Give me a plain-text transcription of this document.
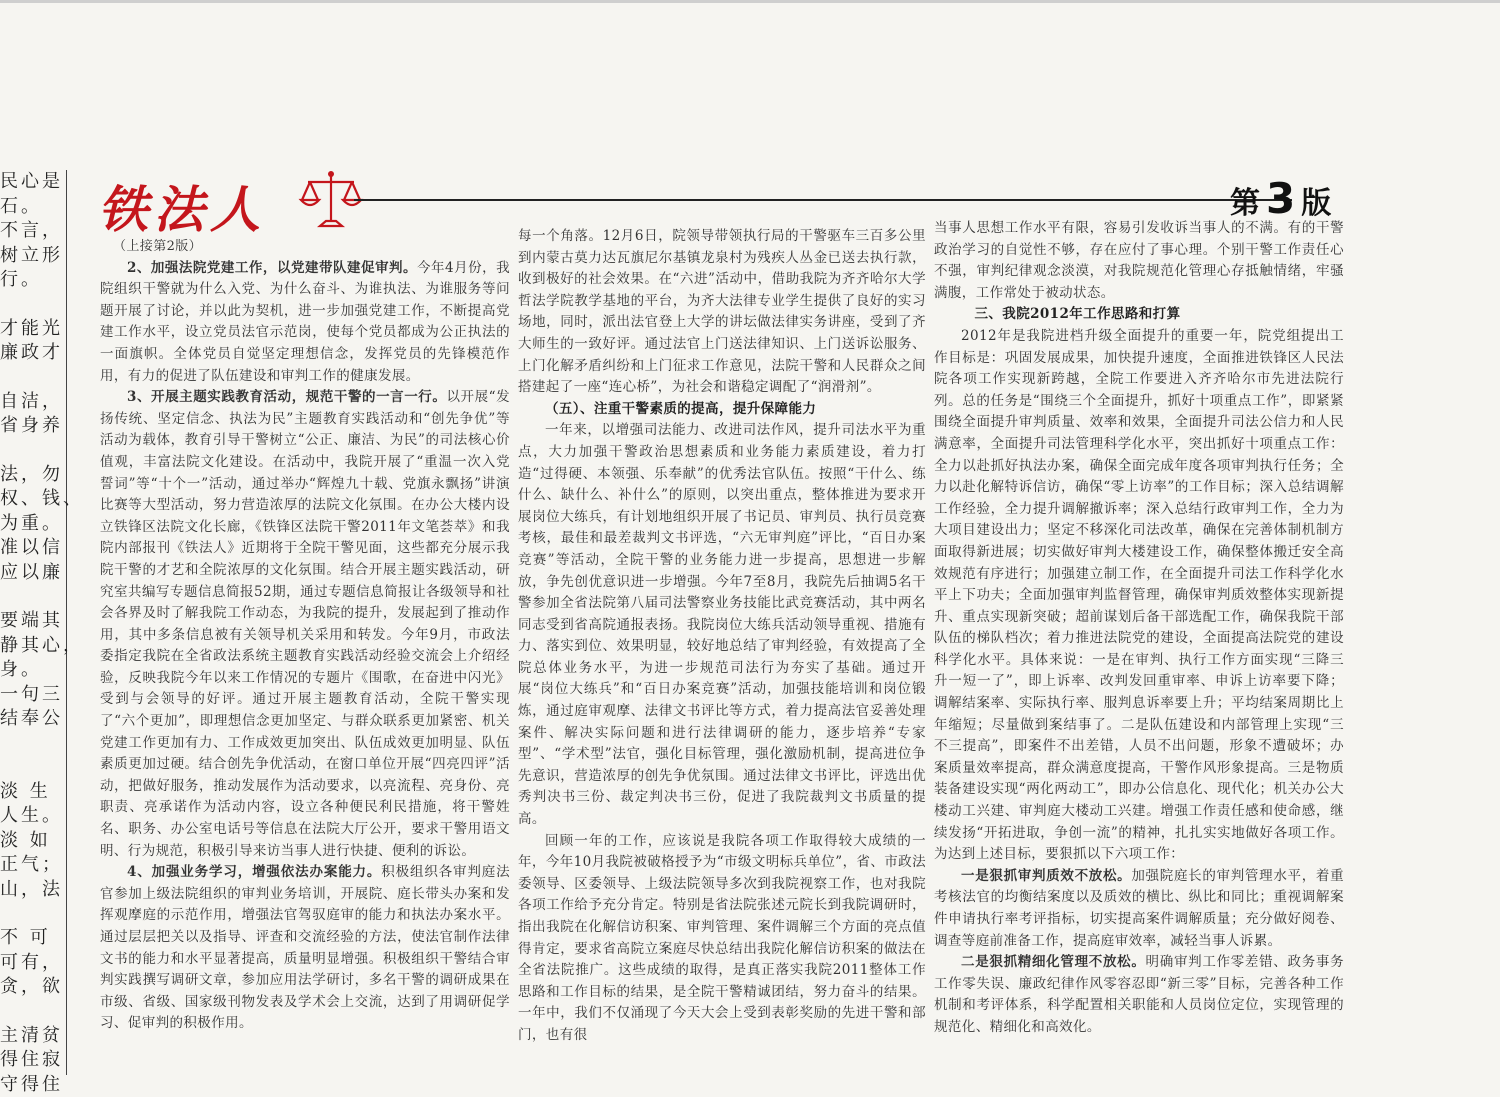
民心是

石。

不言，

树立形

行。

才能光

廉政才

自洁，

省身养

法，勿

权、钱、

为重。

准以信

应以廉

要端其

静其心，

身。

一句三

结奉公

淡 生

人生。

淡 如

正气；

山，法

不 可

可有，

贪，欲

主清贫

得住寂

守得住

铁法人	第 3 版

（上接第2版）

2、加强法院党建工作，以党建带队建促审判。今年4月份，我院组织干警就为什么入党、为什么奋斗、为谁执法、为谁服务等问题开展了讨论，并以此为契机，进一步加强党建工作，不断提高党建工作水平，设立党员法官示范岗，使每个党员都成为公正执法的一面旗帜。全体党员自觉坚定理想信念，发挥党员的先锋模范作用，有力的促进了队伍建设和审判工作的健康发展。

3、开展主题实践教育活动，规范干警的一言一行。以开展“发扬传统、坚定信念、执法为民”主题教育实践活动和“创先争优”等活动为载体，教育引导干警树立“公正、廉洁、为民”的司法核心价值观，丰富法院文化建设。在活动中，我院开展了“重温一次入党誓词”等“十个一”活动，通过举办“辉煌九十载、党旗永飘扬”讲演比赛等大型活动，努力营造浓厚的法院文化氛围。在办公大楼内设立铁锋区法院文化长廊，《铁锋区法院干警2011年文笔荟萃》和我院内部报刊《铁法人》近期将于全院干警见面，这些都充分展示我院干警的才艺和全院浓厚的文化氛围。结合开展主题实践活动，研究室共编写专题信息简报52期，通过专题信息简报让各级领导和社会各界及时了解我院工作动态，为我院的提升，发展起到了推动作用，其中多条信息被有关领导机关采用和转发。今年9月，市政法委指定我院在全省政法系统主题教育实践活动经验交流会上介绍经验，反映我院今年以来工作情况的专题片《围歌，在奋进中闪光》受到与会领导的好评。通过开展主题教育活动，全院干警实现了“六个更加”，即理想信念更加坚定、与群众联系更加紧密、机关党建工作更加有力、工作成效更加突出、队伍成效更加明显、队伍素质更加过硬。结合创先争优活动，在窗口单位开展“四亮四评”活动，把做好服务，推动发展作为活动要求，以亮流程、亮身份、亮职责、亮承诺作为活动内容，设立各种便民利民措施，将干警姓名、职务、办公室电话号等信息在法院大厅公开，要求干警用语文明、行为规范，积极引导来访当事人进行快捷、便利的诉讼。

4、加强业务学习，增强依法办案能力。积极组织各审判庭法官参加上级法院组织的审判业务培训，开展院、庭长带头办案和发挥观摩庭的示范作用，增强法官驾驭庭审的能力和执法办案水平。通过层层把关以及指导、评查和交流经验的方法，使法官制作法律文书的能力和水平显著提高，质量明显增强。积极组织干警结合审判实践撰写调研文章，参加应用法学研讨，多名干警的调研成果在市级、省级、国家级刊物发表及学术会上交流，达到了用调研促学习、促审判的积极作用。

每一个角落。12月6日，院领导带领执行局的干警驱车三百多公里到内蒙古莫力达瓦旗尼尔基镇龙泉村为残疾人丛金已送去执行款，收到极好的社会效果。在“六进”活动中，借助我院为齐齐哈尔大学哲法学院教学基地的平台，为齐大法律专业学生提供了良好的实习场地，同时，派出法官登上大学的讲坛做法律实务讲座，受到了齐大师生的一致好评。通过法官上门送法律知识、上门送诉讼服务、上门化解矛盾纠纷和上门征求工作意见，法院干警和人民群众之间搭建起了一座“连心桥”，为社会和谐稳定调配了“润滑剂”。

（五）、注重干警素质的提高，提升保障能力

一年来，以增强司法能力、改进司法作风，提升司法水平为重点，大力加强干警政治思想素质和业务能力素质建设，着力打造“过得硬、本领强、乐奉献”的优秀法官队伍。按照“干什么、练什么、缺什么、补什么”的原则，以突出重点，整体推进为要求开展岗位大练兵，有计划地组织开展了书记员、审判员、执行员竞赛考核，最佳和最差裁判文书评选，“六无审判庭”评比，“百日办案竞赛”等活动，全院干警的业务能力进一步提高，思想进一步解放，争先创优意识进一步增强。今年7至8月，我院先后抽调5名干警参加全省法院第八届司法警察业务技能比武竞赛活动，其中两名同志受到省高院通报表扬。我院岗位大练兵活动领导重视、措施有力、落实到位、效果明显，较好地总结了审判经验，有效提高了全院总体业务水平，为进一步规范司法行为夯实了基础。通过开展“岗位大练兵”和“百日办案竞赛”活动，加强技能培训和岗位锻炼，通过庭审观摩、法律文书评比等方式，着力提高法官妥善处理案件、解决实际问题和进行法律调研的能力，逐步培养“专家型”、“学术型”法官，强化目标管理，强化激励机制，提高进位争先意识，营造浓厚的创先争优氛围。通过法律文书评比，评选出优秀判决书三份、裁定判决书三份，促进了我院裁判文书质量的提高。

回顾一年的工作，应该说是我院各项工作取得较大成绩的一年，今年10月我院被破格授予为“市级文明标兵单位”，省、市政法委领导、区委领导、上级法院领导多次到我院视察工作，也对我院各项工作给予充分肯定。特别是省法院张述元院长到我院调研时，指出我院在化解信访积案、审判管理、案件调解三个方面的亮点值得肯定，要求省高院立案庭尽快总结出我院化解信访积案的做法在全省法院推广。这些成绩的取得，是真正落实我院2011整体工作思路和工作目标的结果，是全院干警精诚团结，努力奋斗的结果。一年中，我们不仅涌现了今天大会上受到表彰奖励的先进干警和部门，也有很

当事人思想工作水平有限，容易引发收诉当事人的不满。有的干警政治学习的自觉性不够，存在应付了事心理。个别干警工作责任心不强，审判纪律观念淡漠，对我院规范化管理心存抵触情绪，牢骚满腹，工作常处于被动状态。

三、我院2012年工作思路和打算

2012年是我院进档升级全面提升的重要一年，院党组提出工作目标是：巩固发展成果，加快提升速度，全面推进铁锋区人民法院各项工作实现新跨越，全院工作要进入齐齐哈尔市先进法院行列。总的任务是“围绕三个全面提升，抓好十项重点工作”，即紧紧围绕全面提升审判质量、效率和效果，全面提升司法公信力和人民满意率，全面提升司法管理科学化水平，突出抓好十项重点工作：全力以赴抓好执法办案，确保全面完成年度各项审判执行任务；全力以赴化解特诉信访，确保“零上访率”的工作目标；深入总结调解工作经验，全力提升调解撤诉率；深入总结行政审判工作，全力为大项目建设出力；坚定不移深化司法改革，确保在完善体制机制方面取得新进展；切实做好审判大楼建设工作，确保整体搬迁安全高效规范有序进行；加强建立制工作，在全面提升司法工作科学化水平上下功夫；全面加强审判监督管理，确保审判质效整体实现新提升、重点实现新突破；超前谋划后备干部选配工作，确保我院干部队伍的梯队档次；着力推进法院党的建设，全面提高法院党的建设科学化水平。具体来说：一是在审判、执行工作方面实现“三降三升一短一了”，即上诉率、改判发回重审率、申诉上访率要下降；调解结案率、实际执行率、服判息诉率要上升；平均结案周期比上年缩短；尽量做到案结事了。二是队伍建设和内部管理上实现“三不三提高”，即案件不出差错，人员不出问题，形象不遭破坏；办案质量效率提高，群众满意度提高，干警作风形象提高。三是物质装备建设实现“两化两动工”，即办公信息化、现代化；机关办公大楼动工兴建、审判庭大楼动工兴建。增强工作责任感和使命感，继续发扬“开拓进取，争创一流”的精神，扎扎实实地做好各项工作。为达到上述目标，要狠抓以下六项工作：

一是狠抓审判质效不放松。加强院庭长的审判管理水平，着重考核法官的均衡结案度以及质效的横比、纵比和同比；重视调解案件申请执行率考评指标，切实提高案件调解质量；充分做好阅卷、调查等庭前准备工作，提高庭审效率，减轻当事人诉累。

二是狠抓精细化管理不放松。明确审判工作零差错、政务事务工作零失误、廉政纪律作风零容忍即“新三零”目标，完善各种工作机制和考评体系，科学配置相关职能和人员岗位定位，实现管理的规范化、精细化和高效化。
